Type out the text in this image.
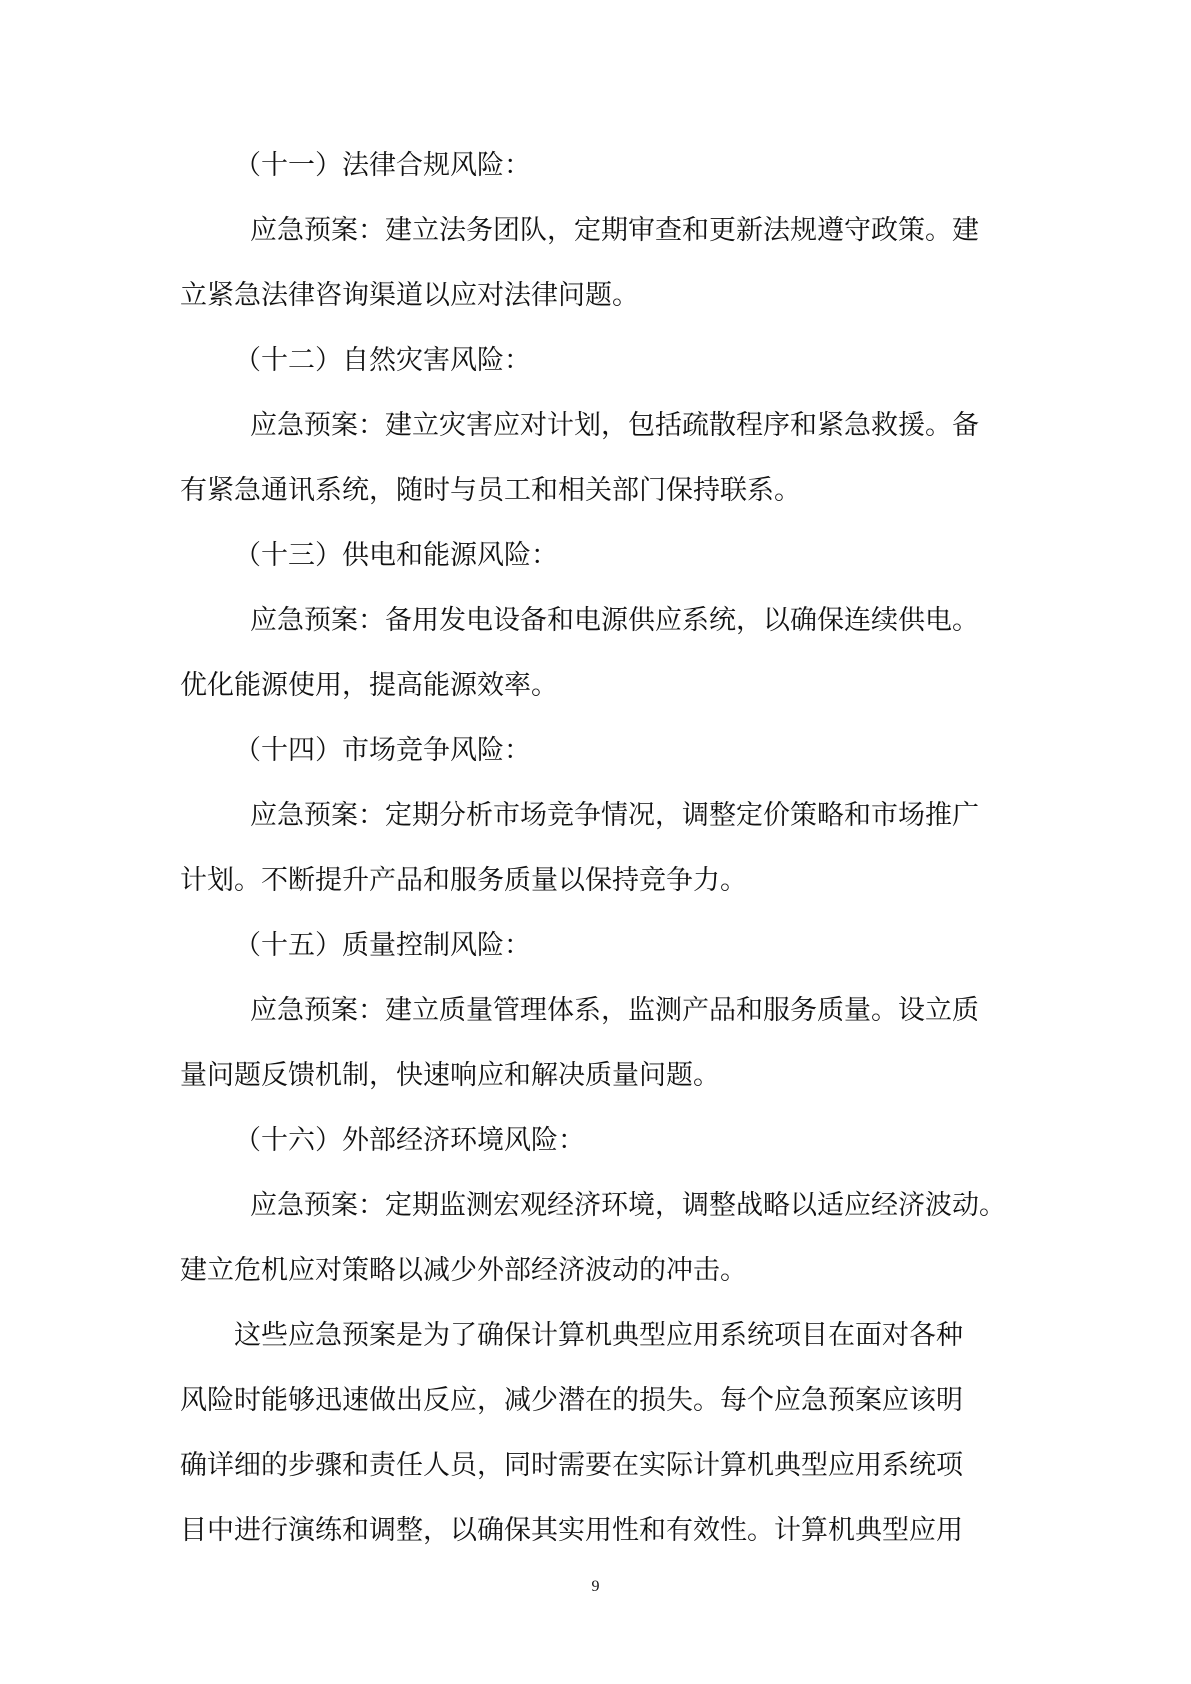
（十一）法律合规风险：

应急预案：建立法务团队，定期审查和更新法规遵守政策。建

立紧急法律咨询渠道以应对法律问题。

（十二）自然灾害风险：

应急预案：建立灾害应对计划，包括疏散程序和紧急救援。备

有紧急通讯系统，随时与员工和相关部门保持联系。

（十三）供电和能源风险：

应急预案：备用发电设备和电源供应系统，以确保连续供电。

优化能源使用，提高能源效率。

（十四）市场竞争风险：

应急预案：定期分析市场竞争情况，调整定价策略和市场推广

计划。不断提升产品和服务质量以保持竞争力。

（十五）质量控制风险：

应急预案：建立质量管理体系，监测产品和服务质量。设立质

量问题反馈机制，快速响应和解决质量问题。

（十六）外部经济环境风险：

应急预案：定期监测宏观经济环境，调整战略以适应经济波动。

建立危机应对策略以减少外部经济波动的冲击。

这些应急预案是为了确保计算机典型应用系统项目在面对各种

风险时能够迅速做出反应，减少潜在的损失。每个应急预案应该明

确详细的步骤和责任人员，同时需要在实际计算机典型应用系统项

目中进行演练和调整，以确保其实用性和有效性。计算机典型应用

9
